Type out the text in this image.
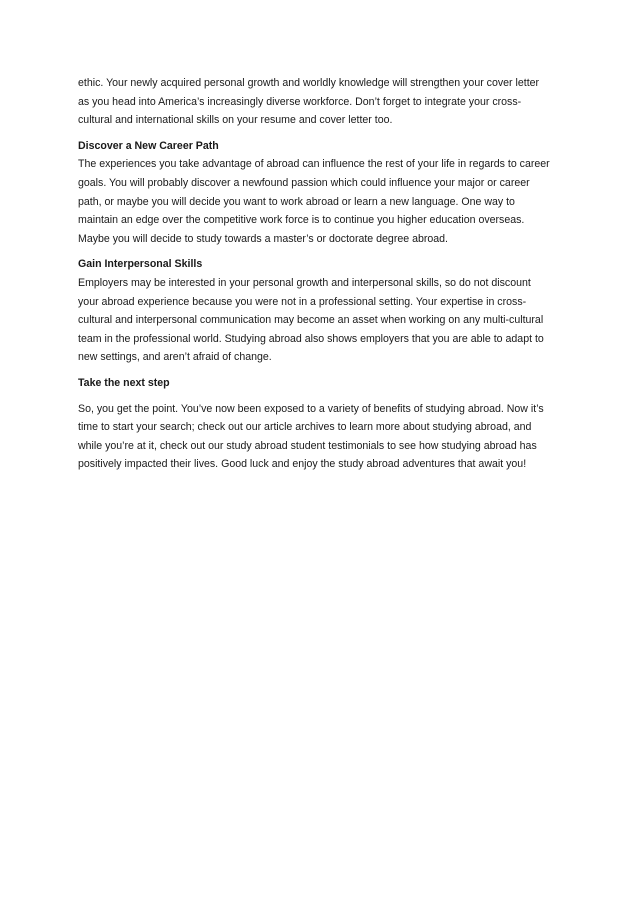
ethic. Your newly acquired personal growth and worldly knowledge will strengthen your cover letter
as you head into America’s increasingly diverse workforce. Don’t forget to integrate your cross-
cultural and international skills on your resume and cover letter too.

Discover a New Career Path

The experiences you take advantage of abroad can influence the rest of your life in regards to career
goals. You will probably discover a newfound passion which could influence your major or career
path, or maybe you will decide you want to work abroad or learn a new language. One way to
maintain an edge over the competitive work force is to continue you higher education overseas.
Maybe you will decide to study towards a master’s or doctorate degree abroad.

Gain Interpersonal Skills

Employers may be interested in your personal growth and interpersonal skills, so do not discount
your abroad experience because you were not in a professional setting. Your expertise in cross-
cultural and interpersonal communication may become an asset when working on any multi-cultural
team in the professional world. Studying abroad also shows employers that you are able to adapt to
new settings, and aren’t afraid of change.

Take the next step

So, you get the point. You’ve now been exposed to a variety of benefits of studying abroad. Now it’s
time to start your search; check out our article archives to learn more about studying abroad, and
while you’re at it, check out our study abroad student testimonials to see how studying abroad has
positively impacted their lives. Good luck and enjoy the study abroad adventures that await you!
